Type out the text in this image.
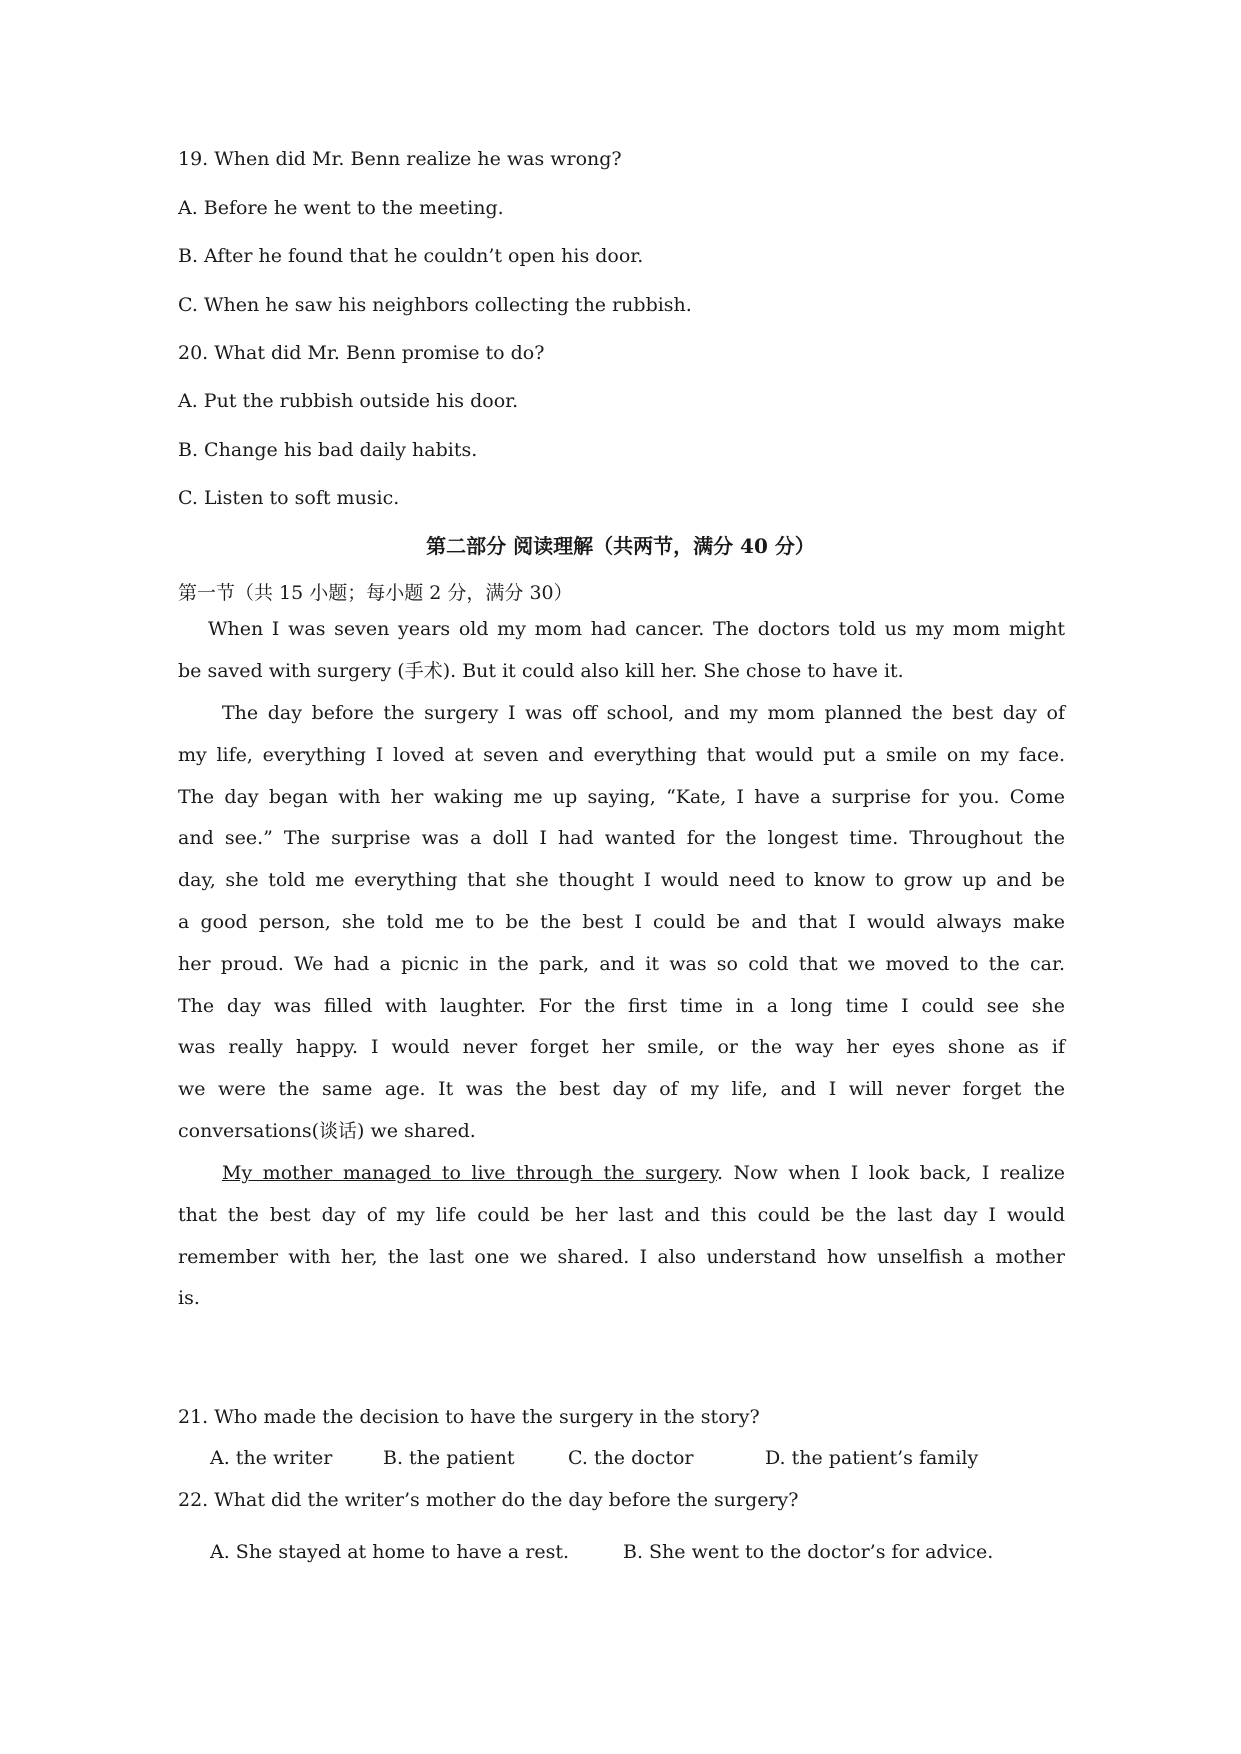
19. When did Mr. Benn realize he was wrong?
A. Before he went to the meeting.
B. After he found that he couldn’t open his door.
C. When he saw his neighbors collecting the rubbish.
20. What did Mr. Benn promise to do?
A. Put the rubbish outside his door.
B. Change his bad daily habits.
C. Listen to soft music.
第二部分 阅读理解（共两节，满分 40 分）
第一节（共 15 小题；每小题 2 分，满分 30）
When I was seven years old my mom had cancer. The doctors told us my mom might
be saved with surgery (手术). But it could also kill her. She chose to have it.
The day before the surgery I was off school, and my mom planned the best day of
my life, everything I loved at seven and everything that would put a smile on my face.
The day began with her waking me up saying, “Kate, I have a surprise for you. Come
and see.” The surprise was a doll I had wanted for the longest time. Throughout the
day, she told me everything that she thought I would need to know to grow up and be
a good person, she told me to be the best I could be and that I would always make
her proud. We had a picnic in the park, and it was so cold that we moved to the car.
The day was filled with laughter. For the first time in a long time I could see she
was really happy. I would never forget her smile, or the way her eyes shone as if
we were the same age. It was the best day of my life, and I will never forget the
conversations(谈话) we shared.
My mother managed to live through the surgery. Now when I look back, I realize
that the best day of my life could be her last and this could be the last day I would
remember with her, the last one we shared. I also understand how unselfish a mother
is.
21. Who made the decision to have the surgery in the story?
A. the writer	B. the patient	C. the doctor	D. the patient’s family
22. What did the writer’s mother do the day before the surgery?
A. She stayed at home to have a rest.	B. She went to the doctor’s for advice.
